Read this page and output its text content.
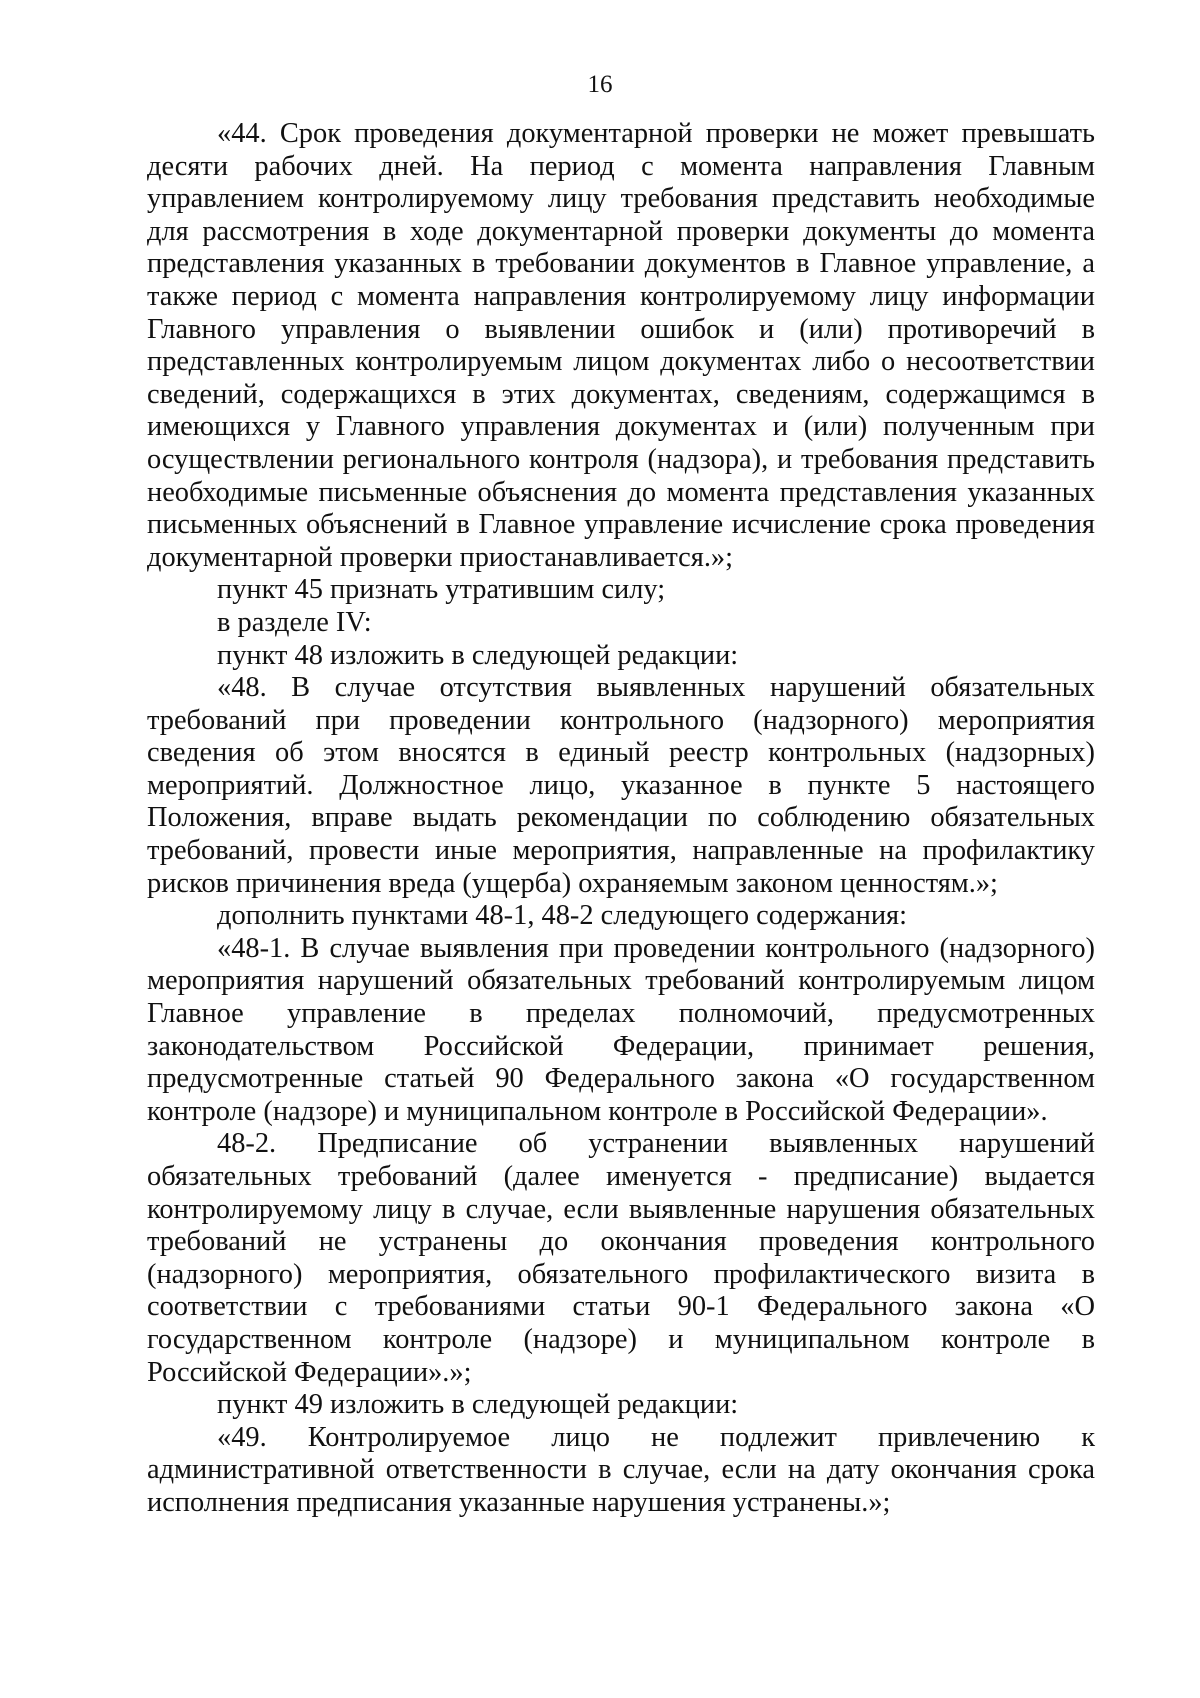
16

«44. Срок проведения документарной проверки не может превышать десяти рабочих дней. На период с момента направления Главным управлением контролируемому лицу требования представить необходимые для рассмотрения в ходе документарной проверки документы до момента представления указанных в требовании документов в Главное управление, а также период с момента направления контролируемому лицу информации Главного управления о выявлении ошибок и (или) противоречий в представленных контролируемым лицом документах либо о несоответствии сведений, содержащихся в этих документах, сведениям, содержащимся в имеющихся у Главного управления документах и (или) полученным при осуществлении регионального контроля (надзора), и требования представить необходимые письменные объяснения до момента представления указанных письменных объяснений в Главное управление исчисление срока проведения документарной проверки приостанавливается.»;

пункт 45 признать утратившим силу;

в разделе IV:

пункт 48 изложить в следующей редакции:

«48. В случае отсутствия выявленных нарушений обязательных требований при проведении контрольного (надзорного) мероприятия сведения об этом вносятся в единый реестр контрольных (надзорных) мероприятий. Должностное лицо, указанное в пункте 5 настоящего Положения, вправе выдать рекомендации по соблюдению обязательных требований, провести иные мероприятия, направленные на профилактику рисков причинения вреда (ущерба) охраняемым законом ценностям.»;

дополнить пунктами 48-1, 48-2 следующего содержания:

«48-1. В случае выявления при проведении контрольного (надзорного) мероприятия нарушений обязательных требований контролируемым лицом Главное управление в пределах полномочий, предусмотренных законодательством Российской Федерации, принимает решения, предусмотренные статьей 90 Федерального закона «О государственном контроле (надзоре) и муниципальном контроле в Российской Федерации».

48-2. Предписание об устранении выявленных нарушений обязательных требований (далее именуется - предписание) выдается контролируемому лицу в случае, если выявленные нарушения обязательных требований не устранены до окончания проведения контрольного (надзорного) мероприятия, обязательного профилактического визита в соответствии с требованиями статьи 90-1 Федерального закона «О государственном контроле (надзоре) и муниципальном контроле в Российской Федерации».»;

пункт 49 изложить в следующей редакции:

«49. Контролируемое лицо не подлежит привлечению к административной ответственности в случае, если на дату окончания срока исполнения предписания указанные нарушения устранены.»;
